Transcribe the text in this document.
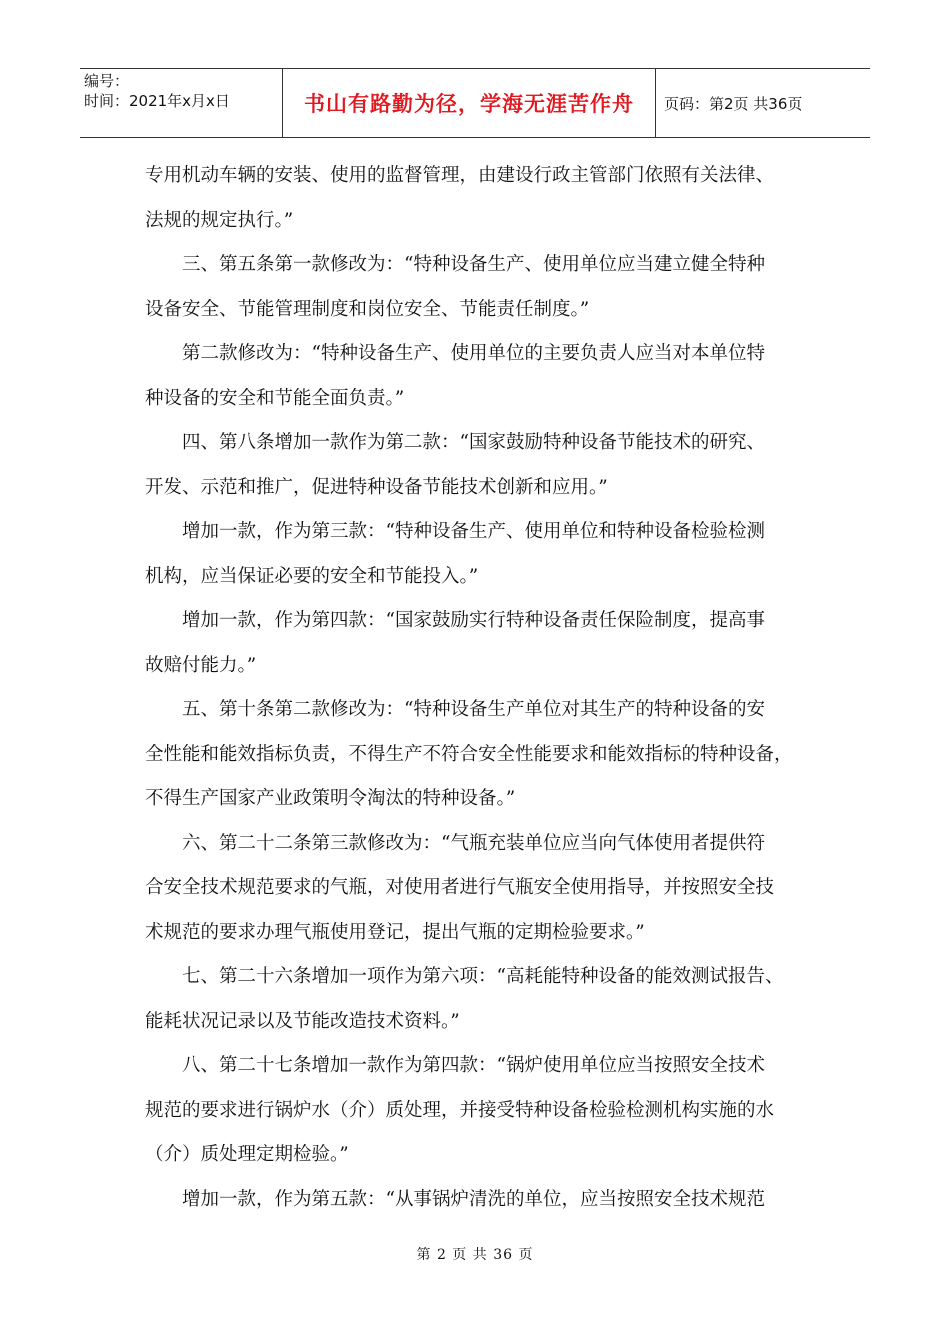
编号：
时间：2021年x月x日	书山有路勤为径，学海无涯苦作舟 页码：第2页 共36页
专用机动车辆的安装、使用的监督管理，由建设行政主管部门依照有关法律、
法规的规定执行。”
三、第五条第一款修改为：“特种设备生产、使用单位应当建立健全特种
设备安全、节能管理制度和岗位安全、节能责任制度。”
第二款修改为：“特种设备生产、使用单位的主要负责人应当对本单位特
种设备的安全和节能全面负责。”
四、第八条增加一款作为第二款：“国家鼓励特种设备节能技术的研究、
开发、示范和推广，促进特种设备节能技术创新和应用。”
增加一款，作为第三款：“特种设备生产、使用单位和特种设备检验检测
机构，应当保证必要的安全和节能投入。”
增加一款，作为第四款：“国家鼓励实行特种设备责任保险制度，提高事
故赔付能力。”
五、第十条第二款修改为：“特种设备生产单位对其生产的特种设备的安
全性能和能效指标负责，不得生产不符合安全性能要求和能效指标的特种设备，
不得生产国家产业政策明令淘汰的特种设备。”
六、第二十二条第三款修改为：“气瓶充装单位应当向气体使用者提供符
合安全技术规范要求的气瓶，对使用者进行气瓶安全使用指导，并按照安全技
术规范的要求办理气瓶使用登记，提出气瓶的定期检验要求。”
七、第二十六条增加一项作为第六项：“高耗能特种设备的能效测试报告、
能耗状况记录以及节能改造技术资料。”
八、第二十七条增加一款作为第四款：“锅炉使用单位应当按照安全技术
规范的要求进行锅炉水（介）质处理，并接受特种设备检验检测机构实施的水
（介）质处理定期检验。”
增加一款，作为第五款：“从事锅炉清洗的单位，应当按照安全技术规范
第 2 页 共 36 页
